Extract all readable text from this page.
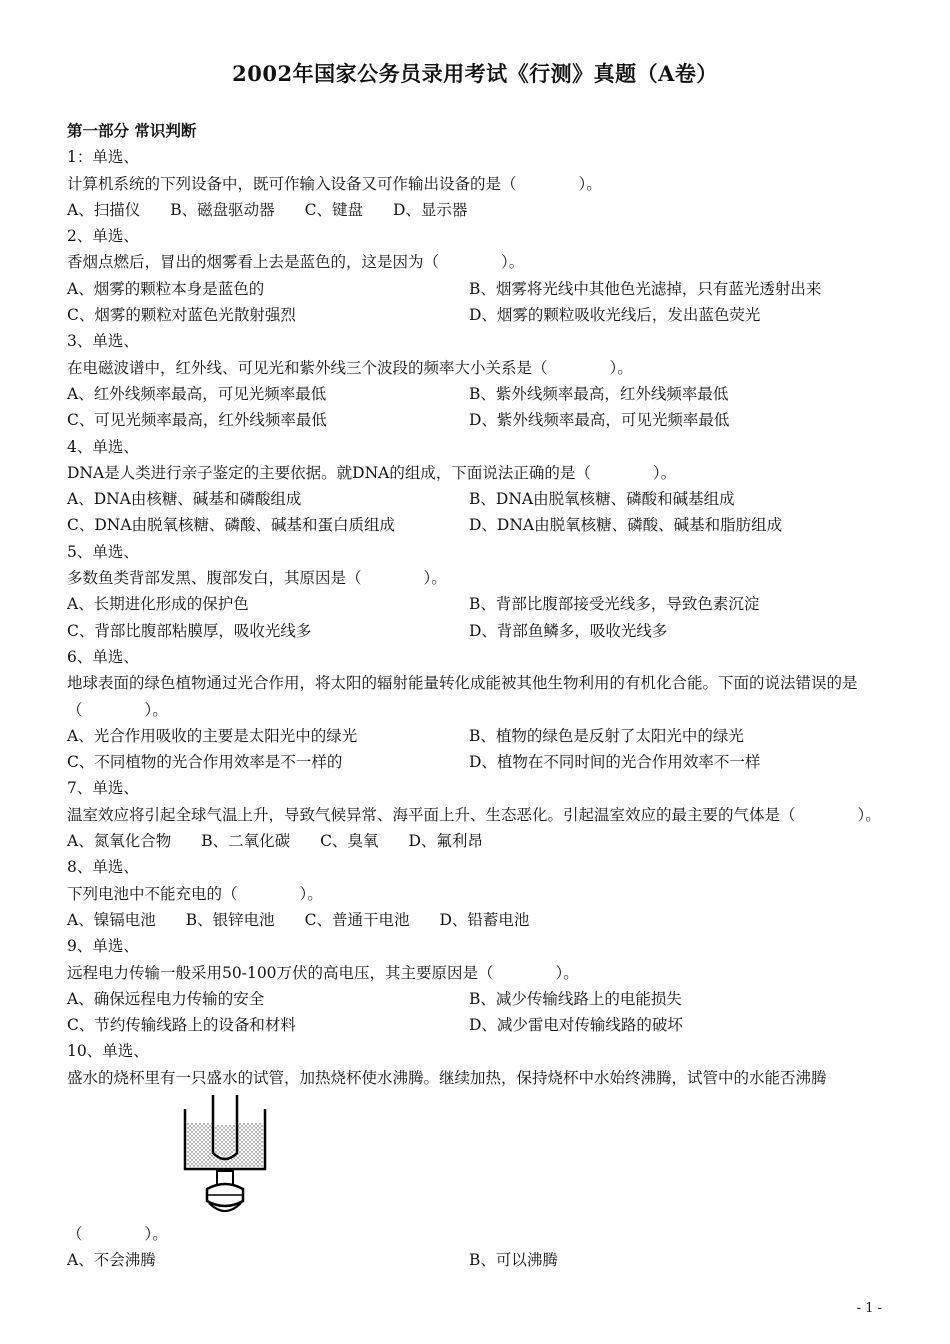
2002年国家公务员录用考试《行测》真题（A卷）
第一部分 常识判断
1：单选、
计算机系统的下列设备中，既可作输入设备又可作输出设备的是（　　　　）。
A、扫描仪 B、磁盘驱动器 C、键盘 D、显示器
2、单选、
香烟点燃后，冒出的烟雾看上去是蓝色的，这是因为（　　　　）。
A、烟雾的颗粒本身是蓝色的	B、烟雾将光线中其他色光滤掉，只有蓝光透射出来
C、烟雾的颗粒对蓝色光散射强烈	D、烟雾的颗粒吸收光线后，发出蓝色荧光
3、单选、
在电磁波谱中，红外线、可见光和紫外线三个波段的频率大小关系是（　　　　）。
A、红外线频率最高，可见光频率最低	B、紫外线频率最高，红外线频率最低
C、可见光频率最高，红外线频率最低	D、紫外线频率最高，可见光频率最低
4、单选、
DNA是人类进行亲子鉴定的主要依据。就DNA的组成，下面说法正确的是（　　　　）。
A、DNA由核糖、碱基和磷酸组成	B、DNA由脱氧核糖、磷酸和碱基组成
C、DNA由脱氧核糖、磷酸、碱基和蛋白质组成	D、DNA由脱氧核糖、磷酸、碱基和脂肪组成
5、单选、
多数鱼类背部发黑、腹部发白，其原因是（　　　　）。
A、长期进化形成的保护色	B、背部比腹部接受光线多，导致色素沉淀
C、背部比腹部粘膜厚，吸收光线多	D、背部鱼鳞多，吸收光线多
6、单选、
地球表面的绿色植物通过光合作用，将太阳的辐射能量转化成能被其他生物利用的有机化合能。下面的说法错误的是（　　　　）。
A、光合作用吸收的主要是太阳光中的绿光	B、植物的绿色是反射了太阳光中的绿光
C、不同植物的光合作用效率是不一样的	D、植物在不同时间的光合作用效率不一样
7、单选、
温室效应将引起全球气温上升，导致气候异常、海平面上升、生态恶化。引起温室效应的最主要的气体是（　　　　）。
A、氮氧化合物 B、二氧化碳 C、臭氧 D、氟利昂
8、单选、
下列电池中不能充电的（　　　　）。
A、镍镉电池 B、银锌电池 C、普通干电池 D、铅蓄电池
9、单选、
远程电力传输一般采用50-100万伏的高电压，其主要原因是（　　　　）。
A、确保远程电力传输的安全	B、减少传输线路上的电能损失
C、节约传输线路上的设备和材料	D、减少雷电对传输线路的破坏
10、单选、
盛水的烧杯里有一只盛水的试管，加热烧杯使水沸腾。继续加热，保持烧杯中水始终沸腾，试管中的水能否沸腾
（　　　　）。
A、不会沸腾	B、可以沸腾
- 1 -
